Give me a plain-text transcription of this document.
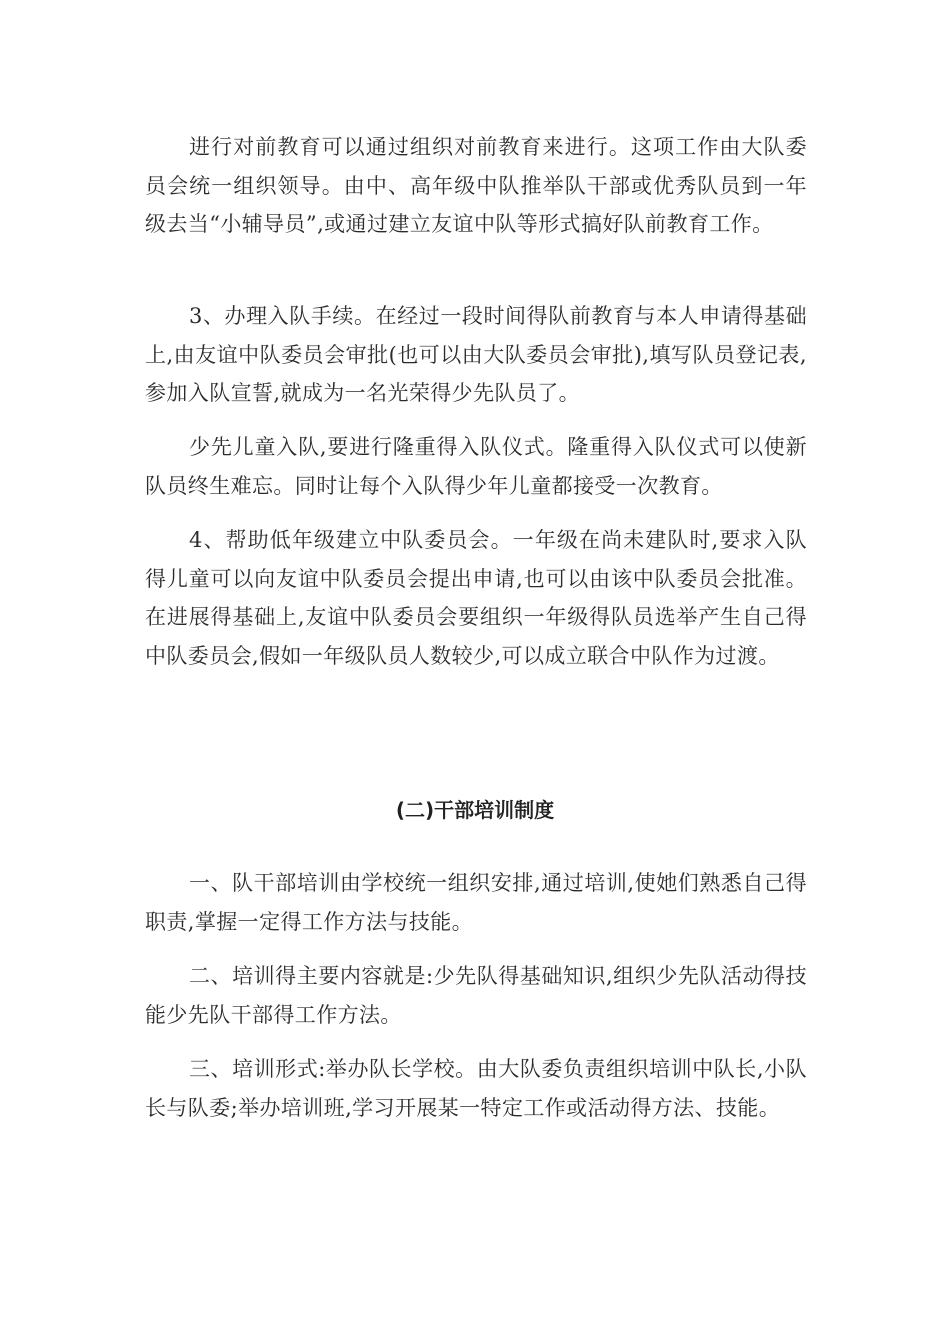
进行对前教育可以通过组织对前教育来进行。这项工作由大队委员会统一组织领导。由中、高年级中队推举队干部或优秀队员到一年级去当“小辅导员”,或通过建立友谊中队等形式搞好队前教育工作。

3、办理入队手续。在经过一段时间得队前教育与本人申请得基础上,由友谊中队委员会审批(也可以由大队委员会审批),填写队员登记表,参加入队宣誓,就成为一名光荣得少先队员了。

少先儿童入队,要进行隆重得入队仪式。隆重得入队仪式可以使新队员终生难忘。同时让每个入队得少年儿童都接受一次教育。

4、帮助低年级建立中队委员会。一年级在尚未建队时,要求入队得儿童可以向友谊中队委员会提出申请,也可以由该中队委员会批准。在进展得基础上,友谊中队委员会要组织一年级得队员选举产生自己得中队委员会,假如一年级队员人数较少,可以成立联合中队作为过渡。

(二)干部培训制度

一、队干部培训由学校统一组织安排,通过培训,使她们熟悉自己得职责,掌握一定得工作方法与技能。

二、培训得主要内容就是:少先队得基础知识,组织少先队活动得技能少先队干部得工作方法。

三、培训形式:举办队长学校。由大队委负责组织培训中队长,小队长与队委;举办培训班,学习开展某一特定工作或活动得方法、技能。
